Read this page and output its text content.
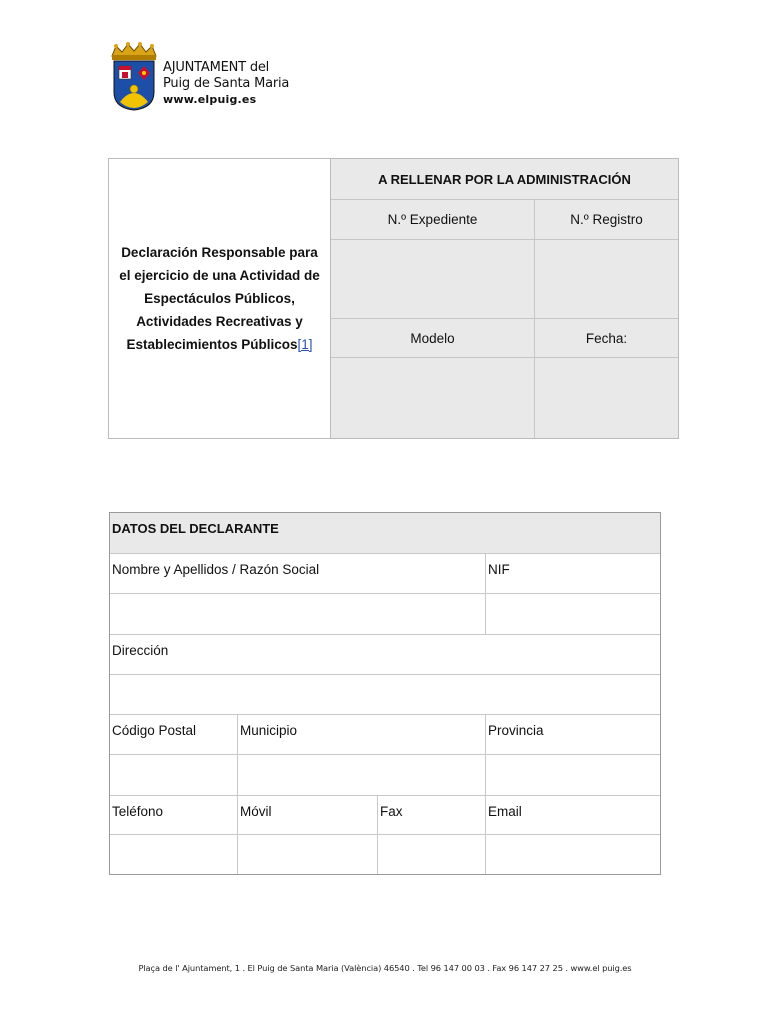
AJUNTAMENT del
Puig de Santa Maria
www.elpuig.es
Declaración Responsable para
el ejercicio de una Actividad de
Espectáculos Públicos,
Actividades Recreativas y
Establecimientos Públicos[1]
A RELLENAR POR LA ADMINISTRACIÓN
N.º Expediente	N.º Registro
Modelo	Fecha:
DATOS DEL DECLARANTE
Nombre y Apellidos / Razón Social	NIF
Dirección
Código Postal	Municipio	Provincia
Teléfono	Móvil	Fax	Email
Plaça de l' Ajuntament, 1 . El Puig de Santa Maria (València) 46540 . Tel 96 147 00 03 . Fax 96 147 27 25 . www.el puig.es
